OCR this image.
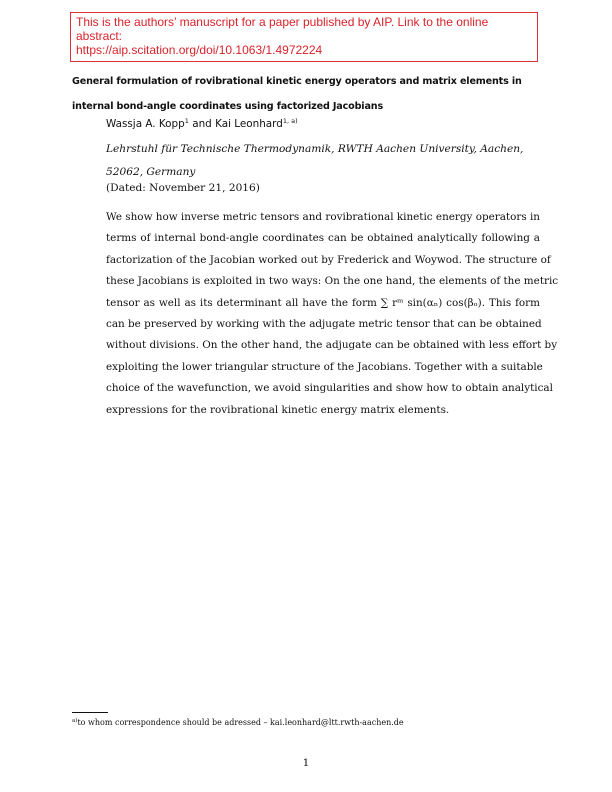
This is the authors’ manuscript for a paper published by AIP. Link to the online
abstract:
https://aip.scitation.org/doi/10.1063/1.4972224
General formulation of rovibrational kinetic energy operators and matrix elements in
internal bond-angle coordinates using factorized Jacobians
Wassja A. Kopp$^1$ and Kai Leonhard$^{1, a)}$
Lehrstuhl für Technische Thermodynamik, RWTH Aachen University, Aachen,
52062, Germany
(Dated: November 21, 2016)
We show how inverse metric tensors and rovibrational kinetic energy operators in
terms of internal bond-angle coordinates can be obtained analytically following a
factorization of the Jacobian worked out by Frederick and Woywod. The structure of
these Jacobians is exploited in two ways: On the one hand, the elements of the metric
tensor as well as its determinant all have the form ∑ rᵐ sin(αₙ) cos(βₒ). This form
can be preserved by working with the adjugate metric tensor that can be obtained
without divisions. On the other hand, the adjugate can be obtained with less effort by
exploiting the lower triangular structure of the Jacobians. Together with a suitable
choice of the wavefunction, we avoid singularities and show how to obtain analytical
expressions for the rovibrational kinetic energy matrix elements.
$^{a)}$to whom correspondence should be adressed – kai.leonhard@ltt.rwth-aachen.de
1
